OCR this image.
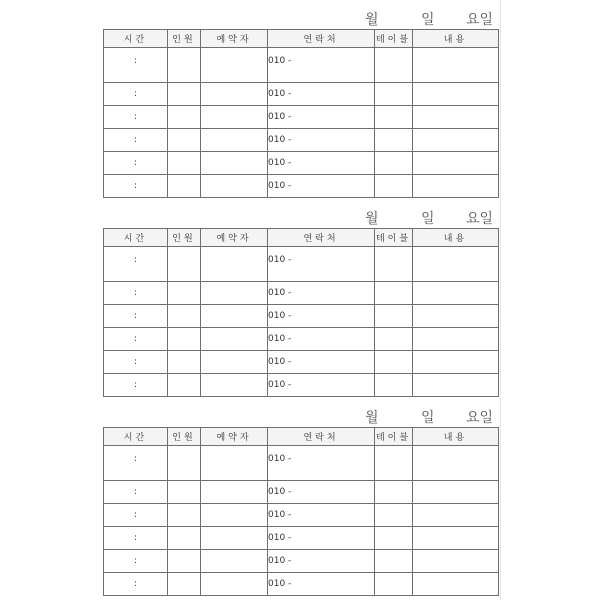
월	일 요일
시간	인원	예약자	연락처	테이블	내용
:			010 -		
:			010 -		
:			010 -		
:			010 -		
:			010 -		
:			010 -		
월	일 요일
시간	인원	예약자	연락처	테이블	내용
:			010 -		
:			010 -		
:			010 -		
:			010 -		
:			010 -		
:			010 -		
월	일 요일
시간	인원	예약자	연락처	테이블	내용
:			010 -		
:			010 -		
:			010 -		
:			010 -		
:			010 -		
:			010 -		
